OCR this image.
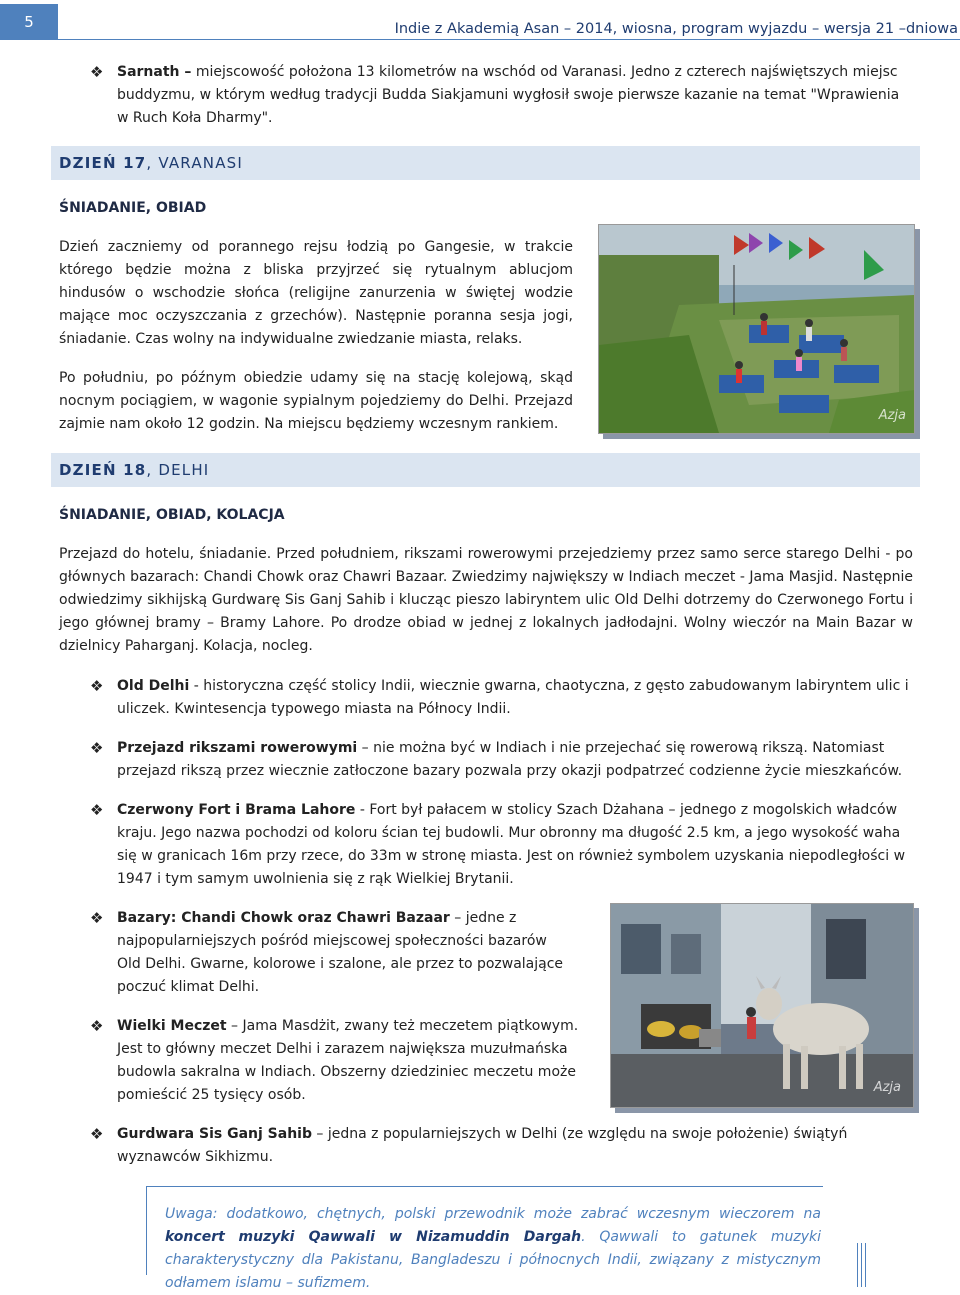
5	Indie z Akademią Asan – 2014, wiosna, program wyjazdu – wersja 21 –dniowa
❖ Sarnath – miejscowość położona 13 kilometrów na wschód od Varanasi. Jedno z czterech najświętszych miejsc buddyzmu, w którym według tradycji Budda Siakjamuni wygłosił swoje pierwsze kazanie na temat "Wprawienia w Ruch Koła Dharmy".
DZIEŃ 17, VARANASI
ŚNIADANIE, OBIAD
Dzień zaczniemy od porannego rejsu łodzią po Gangesie, w trakcie którego będzie można z bliska przyjrzeć się rytualnym ablucjom hindusów o wschodzie słońca (religijne zanurzenia w świętej wodzie mające moc oczyszczania z grzechów). Następnie poranna sesja jogi, śniadanie. Czas wolny na indywidualne zwiedzanie miasta, relaks.
Po południu, po późnym obiedzie udamy się na stację kolejową, skąd nocnym pociągiem, w wagonie sypialnym pojedziemy do Delhi. Przejazd zajmie nam około 12 godzin. Na miejscu będziemy wczesnym rankiem.
Azja
DZIEŃ 18, DELHI
ŚNIADANIE, OBIAD, KOLACJA
Przejazd do hotelu, śniadanie. Przed południem, rikszami rowerowymi przejedziemy przez samo serce starego Delhi - po głównych bazarach: Chandi Chowk oraz Chawri Bazaar. Zwiedzimy największy w Indiach meczet - Jama Masjid. Następnie odwiedzimy sikhijską Gurdwarę Sis Ganj Sahib i klucząc pieszo labiryntem ulic Old Delhi dotrzemy do Czerwonego Fortu i jego głównej bramy – Bramy Lahore. Po drodze obiad w jednej z lokalnych jadłodajni. Wolny wieczór na Main Bazar w dzielnicy Paharganj. Kolacja, nocleg.
❖ Old Delhi - historyczna część stolicy Indii, wiecznie gwarna, chaotyczna, z gęsto zabudowanym labiryntem ulic i uliczek. Kwintesencja typowego miasta na Północy Indii.
❖ Przejazd rikszami rowerowymi – nie można być w Indiach i nie przejechać się rowerową rikszą. Natomiast przejazd rikszą przez wiecznie zatłoczone bazary pozwala przy okazji podpatrzeć codzienne życie mieszkańców.
❖ Czerwony Fort i Brama Lahore - Fort był pałacem w stolicy Szach Dżahana – jednego z mogolskich władców kraju. Jego nazwa pochodzi od koloru ścian tej budowli. Mur obronny ma długość 2.5 km, a jego wysokość waha się w granicach 16m przy rzece, do 33m w stronę miasta. Jest on również symbolem uzyskania niepodległości w 1947 i tym samym uwolnienia się z rąk Wielkiej Brytanii.
❖ Bazary: Chandi Chowk oraz Chawri Bazaar – jedne z najpopularniejszych pośród miejscowej społeczności bazarów Old Delhi. Gwarne, kolorowe i szalone, ale przez to pozwalające poczuć klimat Delhi.
❖ Wielki Meczet – Jama Masdżit, zwany też meczetem piątkowym. Jest to główny meczet Delhi i zarazem największa muzułmańska budowla sakralna w Indiach. Obszerny dziedziniec meczetu może pomieścić 25 tysięcy osób.
❖ Gurdwara Sis Ganj Sahib – jedna z popularniejszych w Delhi (ze względu na swoje położenie) świątyń wyznawców Sikhizmu.
Azja
Uwaga: dodatkowo, chętnych, polski przewodnik może zabrać wczesnym wieczorem na koncert muzyki Qawwali w Nizamuddin Dargah. Qawwali to gatunek muzyki charakterystyczny dla Pakistanu, Bangladeszu i północnych Indii, związany z mistycznym odłamem islamu – sufizmem.
